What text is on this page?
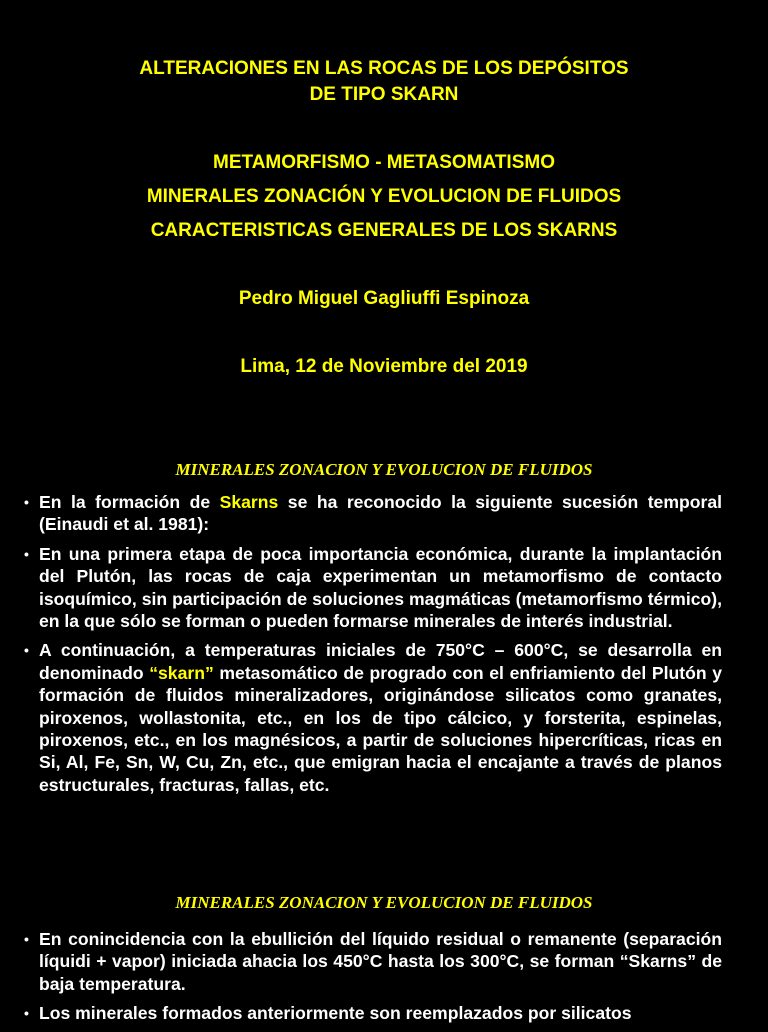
ALTERACIONES EN LAS ROCAS DE LOS DEPÓSITOS
DE TIPO SKARN
METAMORFISMO - METASOMATISMO
MINERALES ZONACIÓN Y EVOLUCION DE FLUIDOS
CARACTERISTICAS GENERALES DE LOS SKARNS
Pedro Miguel Gagliuffi Espinoza
Lima, 12 de Noviembre del 2019
MINERALES ZONACION Y EVOLUCION DE FLUIDOS
• En la formación de Skarns se ha reconocido la siguiente sucesión temporal (Einaudi et al. 1981):
• En una primera etapa de poca importancia económica, durante la implantación del Plutón, las rocas de caja experimentan un metamorfismo de contacto isoquímico, sin participación de soluciones magmáticas (metamorfismo térmico), en la que sólo se forman o pueden formarse minerales de interés industrial.
• A continuación, a temperaturas iniciales de 750°C – 600°C, se desarrolla en denominado “skarn” metasomático de progrado con el enfriamiento del Plutón y formación de fluidos mineralizadores, originándose silicatos como granates, piroxenos, wollastonita, etc., en los de tipo cálcico, y forsterita, espinelas, piroxenos, etc., en los magnésicos, a partir de soluciones hipercríticas, ricas en Si, Al, Fe, Sn, W, Cu, Zn, etc., que emigran hacia el encajante a través de planos estructurales, fracturas, fallas, etc.
MINERALES ZONACION Y EVOLUCION DE FLUIDOS
• En conincidencia con la ebullición del líquido residual o remanente (separación líquidi + vapor) iniciada ahacia los 450°C hasta los 300°C, se forman “Skarns” de baja temperatura.
• Los minerales formados anteriormente son reemplazados por silicatos
